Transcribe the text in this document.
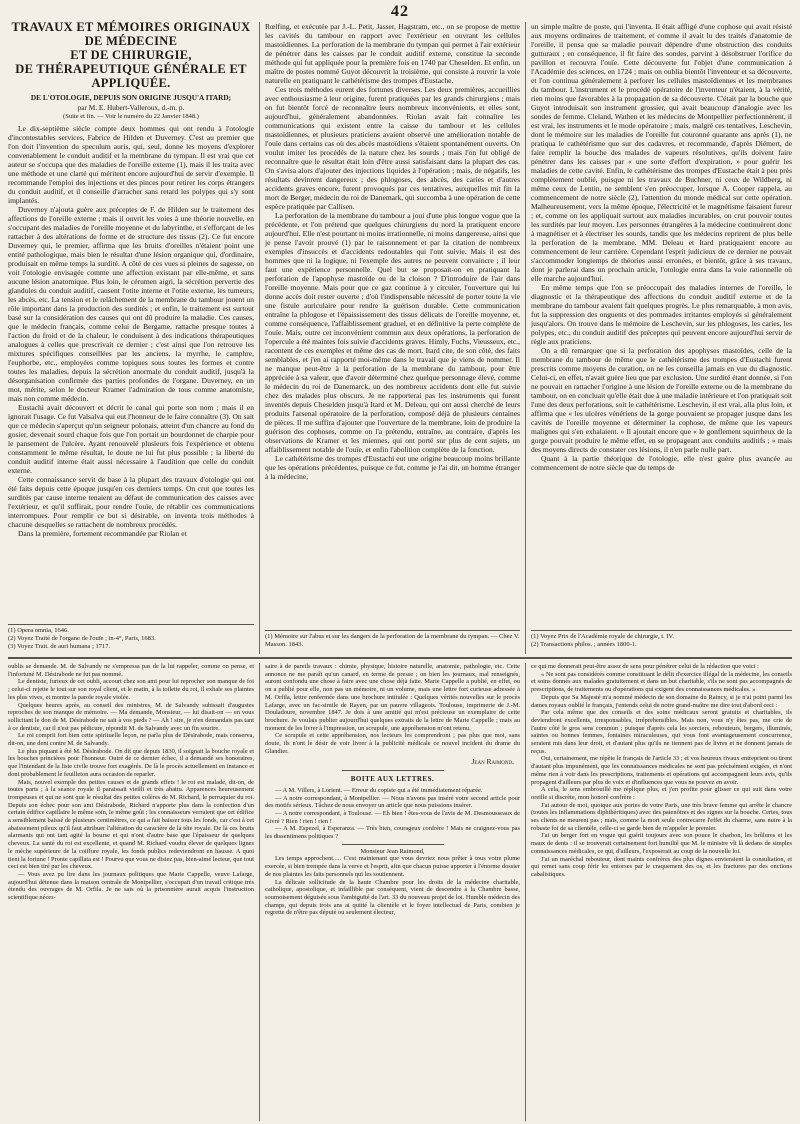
42
TRAVAUX ET MÉMOIRES ORIGINAUX DE MÉDECINE
ET DE CHIRURGIE,
DE THÉRAPEUTIQUE GÉNÉRALE ET APPLIQUÉE.
DE L'OTOLOGIE, DEPUIS SON ORIGINE JUSQU'A ITARD;
par M. E. Hubert-Valleroux, d.-m. p.
(Suite et fin. — Voir le numéro du 22 Janvier 1848.)

Le dix-septième siècle compte deux hommes qui ont rendu à l'otologie d'incontestables services, Fabrice de Hilden et Duverney. C'est au premier que l'on doit l'invention du speculum auris, qui, seul, donne les moyens d'explorer convenablement le conduit auditif et la membrane du tympan. Il est vrai que cet auteur se s'occupa que des maladies de l'oreille externe (1), mais il les traita avec une méthode et une clarté qui méritent encore aujourd'hui de servir d'exemple. Il recommande l'emploi des injections et des pinces pour retirer les corps étrangers du conduit auditif, et il conseille d'arracher sans retard les polypes qui s'y sont implantés.

Duverney n'ajouta guère aux préceptes de F. de Hilden sur le traitement des affections de l'oreille externe ; mais il ouvrit les voies à une théorie nouvelle, en s'occupant des maladies de l'oreille moyenne et du labyrinthe, et s'efforçant de les rattacher à des altérations de forme et de structure des tissus (2). Ce fut encore Duverney qui, le premier, affirma que les bruits d'oreilles n'étaient point une entité pathologique, mais bien le résultat d'une lésion organique qui, d'ordinaire, produisait en même temps la surdité. A côté de ces vues si pleines de sagesse, on voit l'otologie envisagée comme une affection existant par elle-même, et sans aucune lésion anatomique. Plus loin, le cérumen aigri, la sécrétion pervertie des glandules du conduit auditif, causent l'otite interne et l'otite externe, les tumeurs, les abcès, etc. La tension et le relâchement de la membrane du tambour jouent un rôle important dans la production des surdités ; et enfin, le traitement est surtout basé sur la considération des causes qui ont dû produire la maladie. Ces causes, que le médecin français, comme celui de Bergame, rattache presque toutes à l'action du froid et de la chaleur, le conduisent à des indications thérapeutiques analogues à celles que prescrivait ce dernier ; c'est ainsi que l'on retrouve les mixtures spécifiques conseillées par les anciens, la myrrhe, le camphre, l'euphorbe, etc., employées comme topiques sous toutes les formes et contre toutes les maladies, depuis la sécrétion anormale du conduit auditif, jusqu'à la désorganisation confirmée des parties profondes de l'organe. Duverney, en un mot, mérite, selon le docteur Kramer l'admiration de tous comme anatomiste, mais non comme médecin.

Eustachi avait découvert et décrit le canal qui porte son nom ; mais il en ignorait l'usage. Ce fut Valsalva qui eut l'honneur de le faire connaître (3). On sait que ce médecin s'aperçut qu'un seigneur polonais, atteint d'un chancre au fond du gosier, devenait sourd chaque fois que l'on portait un bourdonnet de charpie pour le pansement de l'ulcère. Ayant renouvelé plusieurs fois l'expérience et obtenu constamment le même résultat, le doute ne lui fut plus possible ; la liberté du conduit auditif interne était aussi nécessaire à l'audition que celle du conduit externe.

Cette connaissance servit de base à la plupart des travaux d'otologie qui ont été faits depuis cette époque jusqu'en ces derniers temps. On crut que toutes les surdités par cause interne tenaient au défaut de communication des caisses avec l'extérieur, et qu'il suffirait, pour rendre l'ouïe, de rétablir ces communications interrompues. Pour remplir ce but si désirable, on inventa trois méthodes à chacune desquelles se rattachent de nombreux procédés.

Dans la première, fortement recommandée par Riolan et

(1) Opera omnia, 1646.
(2) Voyez Traité de l'organe de l'ouïe ; in-4°, Paris, 1683.
(3) Voyez Trait. de auri humana ; 1717.

Rœlfing, et exécutée par J.-L. Petit, Jasser, Hagstram, etc., on se propose de mettre les cavités du tambour en rapport avec l'extérieur en ouvrant les cellules mastoïdiennes. La perforation de la membrane du tympan qui permet à l'air extérieur de pénétrer dans les caisses par le conduit auditif externe, constitue la seconde méthode qui fut appliquée pour la première fois en 1740 par Cheselden. Et enfin, un maître de postes nommé Guyot découvrit la troisième, qui consiste à rouvrir la voie naturelle en pratiquant le cathétérisme des trompes d'Eustache.

Ces trois méthodes eurent des fortunes diverses. Les deux premières, accueillies avec enthousiasme à leur origine, furent pratiquées par les grands chirurgiens ; mais on fut bientôt forcé de reconnaître leurs nombreux inconvénients, et elles sont, aujourd'hui, généralement abandonnées. Riolan avait fait connaître les communications qui existent entre la caisse du tambour et les cellules mastoïdiennes, et plusieurs praticiens avaient observé une amélioration notable de l'ouïe dans certains cas où des abcès mastoïdiens s'étaient spontanément ouverts. On voulut imiter les procédés de la nature chez les sourds ; mais l'on fut obligé de reconnaître que le résultat était loin d'être aussi satisfaisant dans la plupart des cas. On s'avisa alors d'ajouter des injections liquides à l'opération ; mais, de négatifs, les résultats devinrent dangereux ; des phlogoses, des abcès, des caries et d'autres accidents graves encore, furent provoqués par ces tentatives, auxquelles mit fin la mort de Berger, médecin du roi de Danemark, qui succomba à une opération de cette espèce pratiquée par Callisen.

La perforation de la membrane du tambour a joui d'une plus longue vogue que la précédente, et l'on prétend que quelques chirurgiens du nord la pratiquent encore aujourd'hui. Elle n'est pourtant ni moins irrationnelle, ni moins dangereuse, ainsi que je pense l'avoir prouvé (1) par le raisonnement et par la citation de nombreux exemples d'insuccès et d'accidents redoutables qui l'ont suivie. Mais il est des hommes que ni la logique, ni l'exemple des autres ne peuvent convaincre ; il leur faut une expérience personnelle. Quel but se proposait-on en pratiquant la perforation de l'apophyse mastoïde ou de la cloison ? D'introduire de l'air dans l'oreille moyenne. Mais pour que ce gaz continue à y circuler, l'ouverture qui lui donne accès doit rester ouverte ; d'où l'indispensable nécessité de porter toute la vie une fistule auriculaire pour rendre la guérison durable. Cette communication entraîne la phlogose et l'épaississement des tissus délicats de l'oreille moyenne, et, comme conséquence, l'affaiblissement graduel, et en définitive la perte complète de l'ouïe. Mais, outre cet inconvénient commun aux deux opérations, la perforation de l'opercule a été maintes fois suivie d'accidents graves. Himly, Fuchs, Vieusseux, etc., racontent de ces exemples et même des cas de mort. Itard cite, de son côté, des faits semblables, et j'en ai rapporté moi-même dans le travail que je viens de nommer. Il ne manque peut-être à la perforation de la membrane du tambour, pour être appréciée à sa valeur, que d'avoir déterminé chez quelque personnage élevé, comme le médecin du roi de Danemarck, un des nombreux accidents dont elle fut suivie chez des malades plus obscurs. Je ne rapporterai pas les instruments qui furent inventés depuis Cheselden jusqu'à Itard et M. Deleau, qui ont aussi cherché de leurs produits l'arsenal opératoire de la perforation, composé déjà de plusieurs centaines de pièces. Il me suffira d'ajouter que l'ouverture de la membrane, loin de produire la guérison des cophoses, comme on l'a prétendu, entraîne, au contraire, d'après les observations de Kramer et les miennes, qui ont porté sur plus de cent sujets, un affaiblissement notable de l'ouïe, et enfin l'abolition complète de la fonction.

Le cathétérisme des trompes d'Eustachi eut une origine beaucoup moins brillante que les opérations précédentes, puisque ce fut, comme je l'ai dit, un homme étranger à la médecine,

(1) Mémoire sur l'abus et sur les dangers de la perforation de la membrane du tympan. — Chez V. Masson. 1843.

un simple maître de poste, qui l'inventa. Il était affligé d'une cophose qui avait résisté aux moyens ordinaires de traitement, et comme il avait lu des traités d'anatomie de l'oreille, il pensa que sa maladie pouvait dépendre d'une obstruction des conduits gutturaux ; en conséquence, il fit faire des sondes, parvint à désobstruer l'orifice du pavillon et recouvra l'ouïe. Cette découverte fut l'objet d'une communication à l'Académie des sciences, en 1724 ; mais on oublia bientôt l'inventeur et sa découverte, et l'on continua généralement à perforer les cellules mastoïdiennes et les membranes du tambour. L'instrument et le procédé opératoire de l'inventeur n'étaient, à la vérité, rien moins que favorables à la propagation de sa découverte. C'était par la bouche que Guyot introduisait son instrument grossier, qui avait beaucoup d'analogie avec les sondes de femme. Cleland, Wathen et les médecins de Montpellier perfectionnèrent, il est vrai, les instruments et le mode opératoire ; mais, malgré ces tentatives, Leschevin, dont le mémoire sur les maladies de l'oreille fut couronné quarante ans après (1), ne pratiqua le cathétérisme que sur des cadavres, et recommande, d'après Diémert, de faire remplir la bouche des malades de vapeurs résolutives, qu'ils doivent faire pénétrer dans les caisses par « une sorte d'effort d'expiration, » pour guérir les maladies de cette cavité. Enfin, le cathétérisme des trompes d'Eustache était à peu près complètement oublié, puisque ni les travaux de Buchner, ni ceux de Wildberg, ni même ceux de Lentin, ne semblent s'en préoccuper, lorsque A. Cooper rappela, au commencement de notre siècle (2), l'attention du monde médical sur cette opération. Malheureusement, vers la même époque, l'électricité et le magnétisme faisaient fureur ; et, comme on les appliquait surtout aux maladies incurables, on crut pouvoir toutes les surdités par leur moyen. Les personnes étrangères à la médecine continuèrent donc à magnétiser et à électriser les sourds, tandis que les médecins reprirent de plus belle la perforation de la membrane. MM. Deleau et Itard pratiquaient encore au commencement de leur carrière. Cependant l'esprit judicieux de ce dernier ne pouvait s'accommoder longtemps de théories aussi erronées, et bientôt, grâce à ses travaux, dont je parlerai dans un prochain article, l'otologie entra dans la voie rationnelle où elle marche aujourd'hui.

En même temps que l'on se préoccupait des maladies internes de l'oreille, le diagnostic et la thérapeutique des affections du conduit auditif externe et de la membrane du tambour avaient fait quelques progrès. Le plus remarquable, à mon avis, fut la suppression des onguents et des pommades irritantes employés si généralement jusqu'alors. On trouve dans le mémoire de Leschevin, sur les phlogoses, les caries, les polypes, etc., du conduit auditif des préceptes qui peuvent encore aujourd'hui servir de règle aux praticiens.

On a dû remarquer que si la perforation des apophyses mastoïdes, celle de la membrane du tambour de même que le cathétérisme des trompes d'Eustachi furent prescrits comme moyens de curation, on ne les conseilla jamais en vue du diagnostic. Celui-ci, en effet, n'avait guère lieu que par exclusion. Une surdité étant donnée, si l'on ne pouvait en rattacher l'origine à une lésion de l'oreille externe ou de la membrane du tambour, on en concluait qu'elle était due à une maladie intérieure et l'on pratiquait soit l'une des deux perforations, soit le cathétérisme. Leschevin, il est vrai, alla plus loin, et affirma que « les ulcères vénériens de la gorge pouvaient se propager jusque dans les cavités de l'oreille moyenne et déterminer la cophose, de même que les vapeurs malignes qui s'en exhalaient. » Il ajoutait encore que « le gonflement squirrheux de la gorge pouvait produire le même effet, en se propageant aux conduits auditifs ; » mais des moyens directs de constater ces lésions, il n'en parle nulle part.

Quant à la partie théorique de l'otologie, elle n'est guère plus avancée au commencement de notre siècle que du temps de

(1) Voyez Prix de l'Académie royale de chirurgie, t. IV.
(2) Transactions philos. ; années 1800-1.

oublis se demande. M. de Salvandy ne s'empressa pas de la lui rappeler, comme on pense, et l'infortuné M. Désirabode ne fut pas nommé.

Le dentiste, furieux de cet oubli, accourt chez son ami pour lui reprocher son manque de foi ; celui-ci rejette le tout sur son royal client, et le matin, à la toilette du roi, il exhale ses plaintes les plus vives, et montre la parole royale violée.

Quelques heures après, au conseil des ministres, M. de Salvandy subissait d'augustes reproches de son manque de mémoire. — Ma demande, Monsieur, — lui disait-on — en vous sollicitant le don de M. Désirabode ne sait à vos pieds ? — Ah ! sire, je n'en demandais pas tant à ce dentiste, car il n'est pas pédicure, répondit M. de Salvandy avec un fin sourire.

Le roi comprit fort bien cette spirituelle leçon, ne parla plus de Désirabode, mais conserva, dit-on, une dent contre M. de Salvandy.

Le plus piquant à été M. Désirabode. On dit que depuis 1830, il soignait la bouche royale et les bouches princières pour l'honneur. Outré de ce dernier échec, il a demandé ses honoraires, que l'intendant de la liste civile trouve fort exagérés. De là le procès actuellement en instance et dont probablement le feuilleton aura occasion de reparler.

Mais, nouvel exemple des petites causes et de grands effets ! le roi est malade, dit-on, de toutes parts ; à la séance royale il paraissait vieilli et très abattu. Apparences heureusement trompeuses et qui ne sont que le résultat des petites colères de M. Richard, le perruquier du roi. Depuis son échec pour son ami Désirabode, Richard n'apporte plus dans la confection d'un certain édifice capillaire le même soin, le même goût ; les connaisseurs verraient que cet édifice a sensiblement baissé de plusieurs centimètres, ce qui a fait baisser tous les fonds, car c'est à cet abaissement pileux qu'il faut attribuer l'altération du caractère de la tête royale. De là ces bruits alarmants qui ont tant agité la bourse et qui n'ont d'autre base que l'épaisseur de quelques cheveux. La santé du roi est excellente, et quand M. Richard voudra élever de quelques lignes le méche supérieure de la coiffure royale, les fonds publics redeviendront en hausse. A quoi tient la fortune ! Pronte capillata est ! Pourvu que vous ne disiez pas, bien-aimé lecteur, que tout ceci est bien tiré par les cheveux.

— Vous avez pu lire dans les journaux politiques que Marie Cappelle, veuve Lafarge, aujourd'hui détenue dans la maison centrale de Montpellier, s'occupait d'un travail critique très étendu des ouvrages de M. Orfila. Je ne sais où la prisonnière aurait acquis l'instruction scientifique néces-

saire à de pareils travaux : chimie, physique, histoire naturelle, anatomie, pathologie, etc. Cette annonce ne me paraît qu'un canard, en terme de presse ; on bien les journaux, mal renseignés, auront confondu une chose à faire avec une chose déjà faite. Marie Cappelle a publié, en effet, ou on a publié pour elle, non pas un mémoire, ni un volume, mais une lettre fort curieuse adressée à M. Orfila, lettre renfermée dans une brochure intitulée : Quelques vérités nouvelles sur le procès Lafarge, avec un fac-simile de Rayen, par un pauvre villageois. Toulouse, imprimerie de J.-M. Douladoure, novembre 1847. Je dois à une amitié qui m'est précieuse un exemplaire de cette brochure. Je voulais publier aujourd'hui quelques extraits de la lettre de Marie Cappelle ; mais au moment de les livrer à l'impression, un scrupule, une appréhension m'ont retenu.

Ce scrupule et cette appréhension, nos lecteurs les comprendront ; pas plus que moi, sans doute, ils n'ont le désir de voir livrer à la publicité médicale ce nouvel incident du drame du Glandier.

Jean Raimond.
BOITE AUX LETTRES.

— A M. Villers, à Lorient. — Erreur du copiste qui a été immédiatement réparée.

— A notre correspondant, à Montpellier. — Nous n'avons pas inséré votre second article pour des motifs sérieux. Tâchez de nous envoyer un article que nous puissions insérer.

— A notre correspondant, à Toulouse. — Eh bien ! êtes-vous de l'avis de M. Desmousseaux de Givré ? Rien ! rien ! rien !

— A M. Espezel, à Esperanza. — Très bien, courageux confrère ! Mais ne craignez-vous pas les dissentimens politiques ?

Monsieur Jean Raimond,

Les temps approchent..... C'est maintenant que vous devriez nous prêter à tous votre plume exercée, si bien trempée dans la verve et l'esprit, afin que chacun puisse apporter à l'énorme dossier de nos plaintes les faits personnels qui les soutiennent.

La délicate sollicitude de la haute Chambre pour les droits de la médecine charitable, catholique, apostolique, et infaillible par conséquent, vient de descendre à la Chambre basse, sournoisement déguisée sous l'ambiguïté de l'art. 33 du nouveau projet de loi. Humble médecin des champs, qui depuis trois ans ai quitté la clientèle et le foyer intellectuel de Paris, combien je regrette de n'être pas député ou seulement électeur,

ce qui me donnerait peut-être assez de sens pour pénétrer celui de la rédaction que voici :

« Ne sont pas considérés comme constituant le délit d'exercice illégal de la médecine, les conseils et soins donnés aux malades gratuitement et dans un but charitable, s'ils ne sont pas accompagnés de prescriptions, de traitements ou d'opérations qui exigent des connaissances médicales. »

Depuis que Sa Majesté m'a nommé médecin de son domaine du Raincy, si je n'ai point parmi les dames royaux oublié le français, j'entends celui de notre grand-maître me dire tout d'abord ceci :

Par cela même que des conseils et des soins médicaux seront gratuits et charitables, ils deviendront excellents, irresponsables, irréprehensibles. Mais non, vous n'y êtes pas, me crie de l'autre côté le gros sens commun ; puisque d'après cela les sorciers, rebouteurs, bergers, illuminés, saintes ou bonnes femmes, fontaines miraculeuses, qui vous font avantageusement concurrence, seraient mis dans leur droit, et d'autant plus qu'ils ne tiennent pas de livres et ne donnent jamais de reçus.

Oui, certainement, me répète le français de l'article 33 ; et vos heureux rivaux entreprient ou tirent d'autant plus impunément, que les connaissances médicales ne sont pas précisément exigées, et n'ont même rien à voir dans les prescriptions, traitements et opérations qui accompagnent leurs avis, qu'ils propagent d'ailleurs par plus de voix et d'influences que vous ne pouvez en avoir.

A cela, le sens embrouillé me réplique plus, et j'en profite pour glisser ce qui suit dans votre oreille si discrète, mon honoré confrère :

J'ai autour de moi, quoique aux portes de votre Paris, une très brave femme qui arrête le chancre (toutes les inflammations diphthéritiques) avec des patenôtres et des signes sur la bouche. Certes, tous ses clients ne meurent pas ; mais, comme la mort seule contrecarre l'effet du charme, sans nuire à la robuste foi de sa clientèle, celle-ci se garde bien de m'appeler le premier.

J'ai un berger fort en vogue qui guérit toujours avec son pouce le charbon, les brûlures et les maux de dents : il se trouverait certainement fort humilié que M. le ministre vît là dedans de simples connaissances médicales, ce qui, d'ailleurs, l'exposerait au coup de la nouvelle loi.

J'ai un maréchal rebouteur, dont maints confrères des plus dignes envieraient la consultation, et qui remet sans coup férir les entorses par le craquement des os, et les fractures par des onctions cabalistiques.
